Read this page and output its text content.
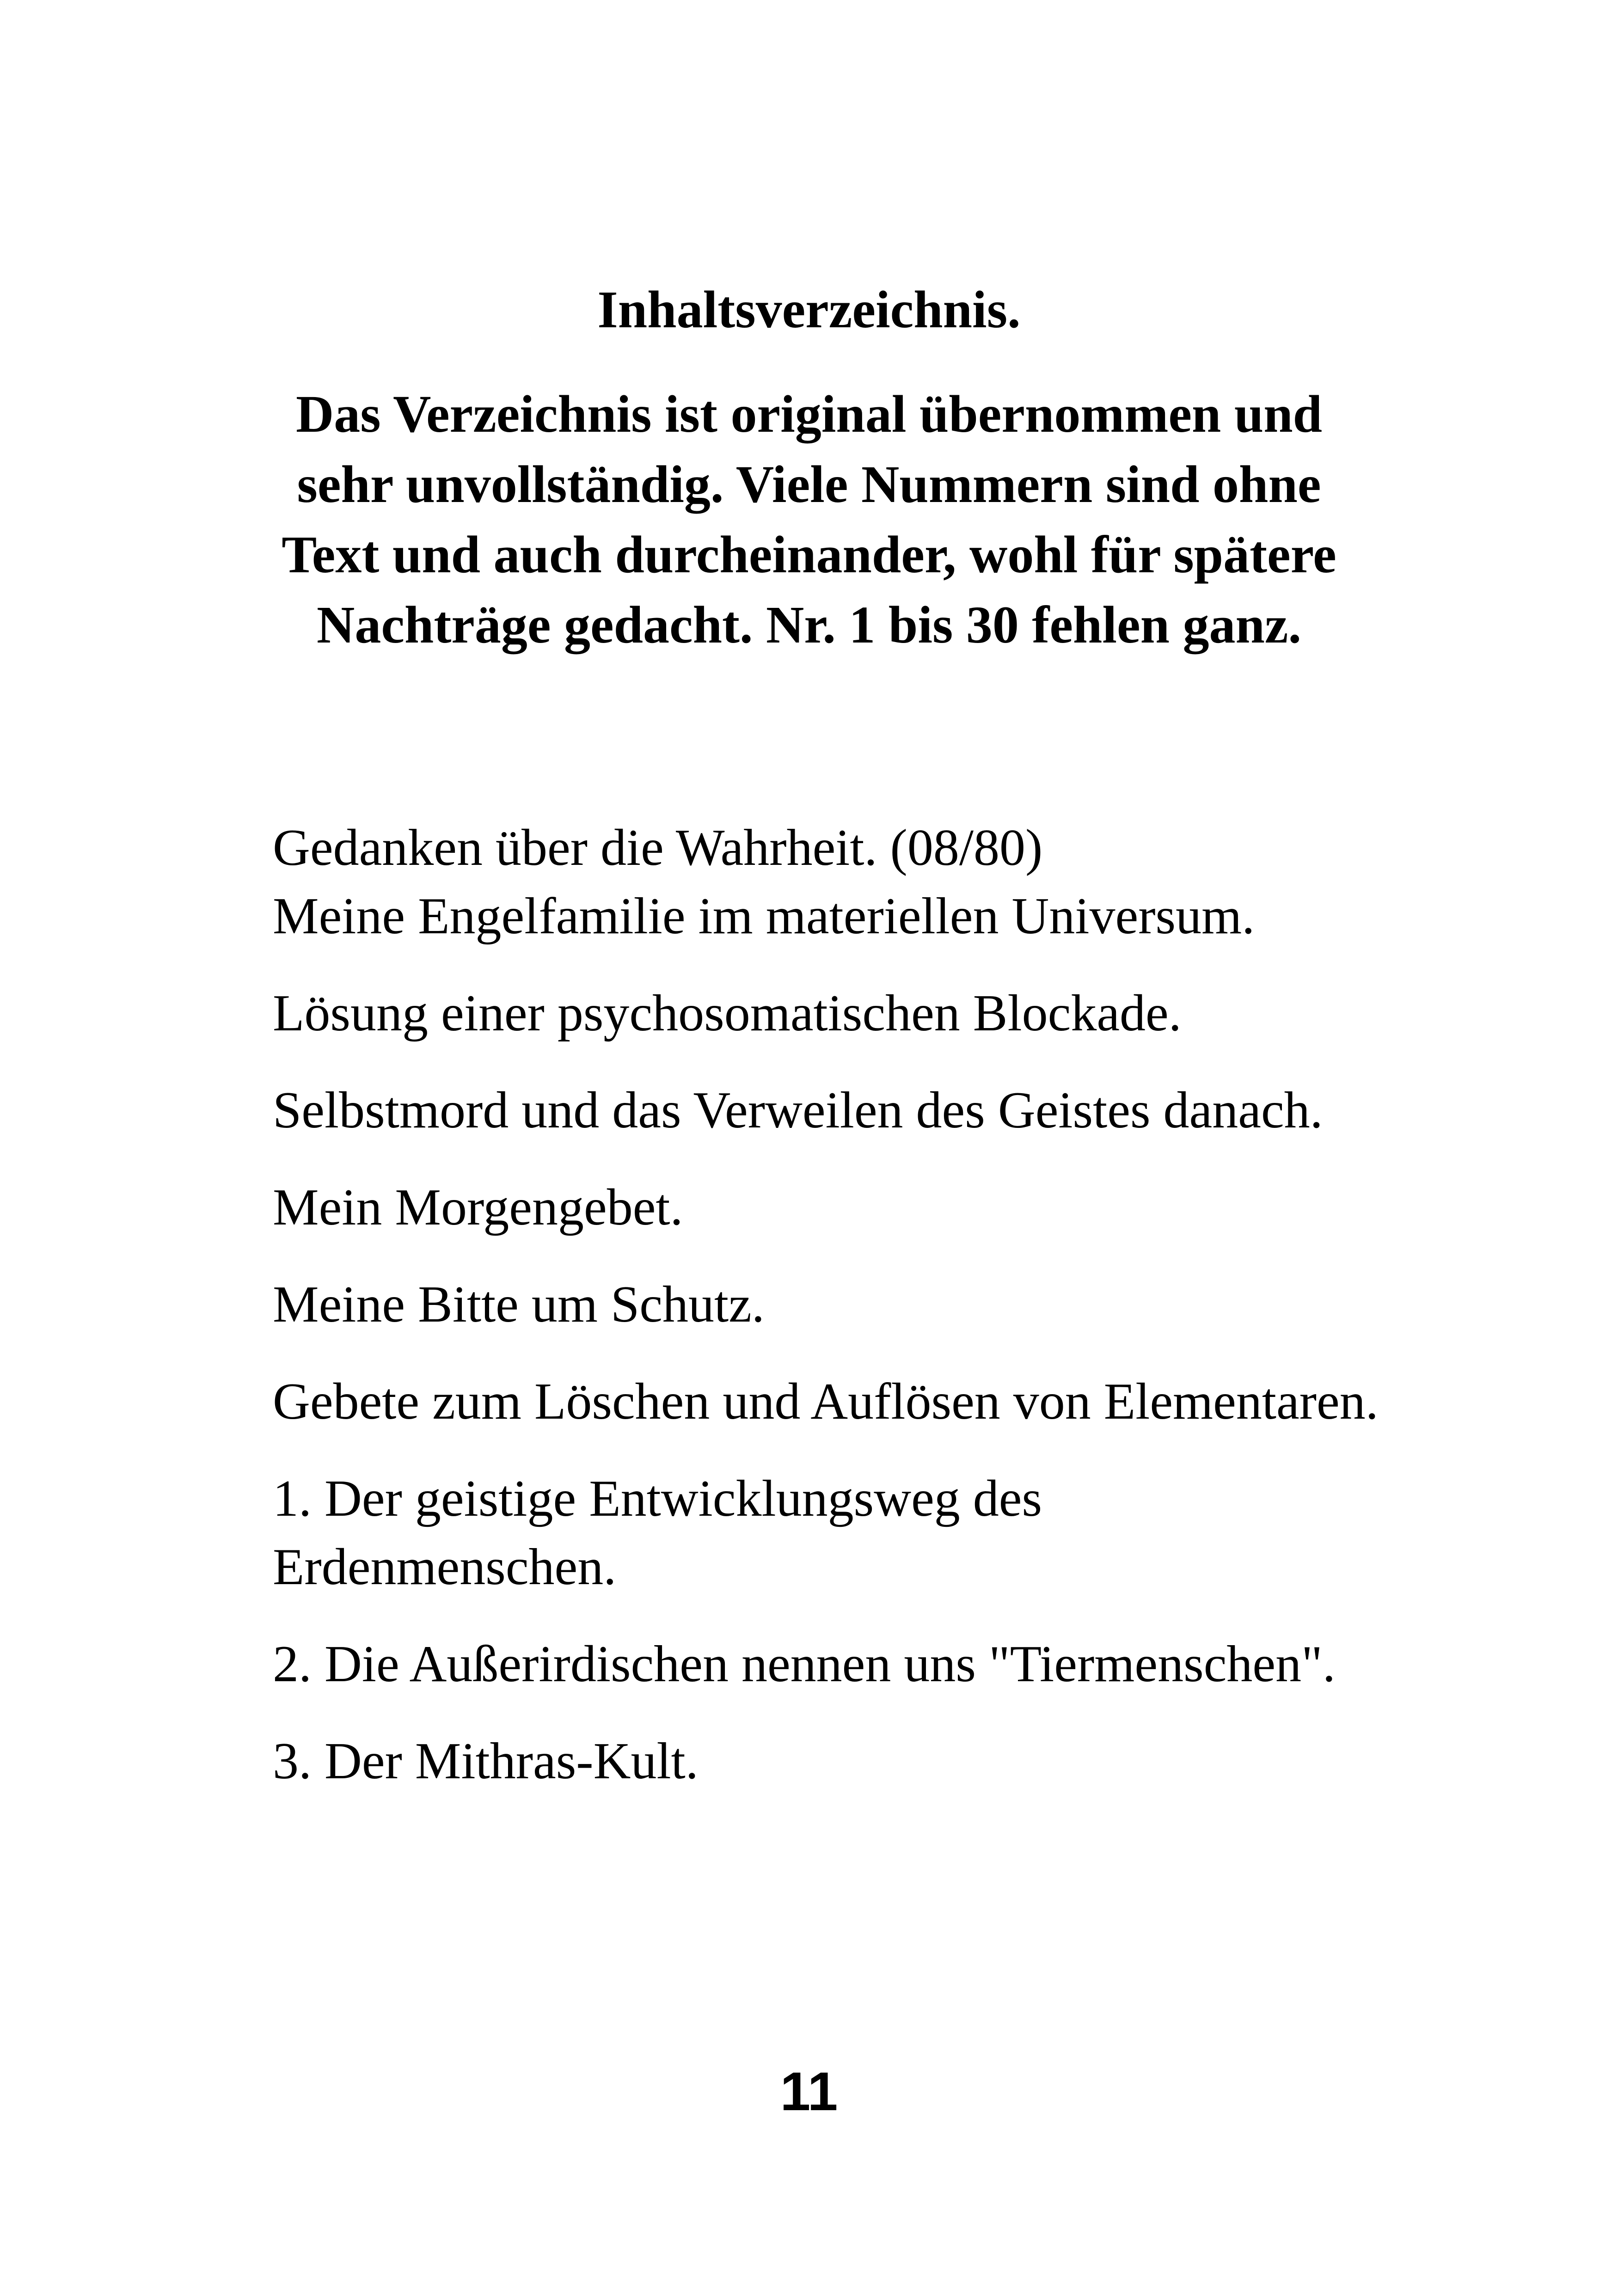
Inhaltsverzeichnis.

Das Verzeichnis ist original übernommen und sehr unvollständig. Viele Nummern sind ohne Text und auch durcheinander, wohl für spätere Nachträge gedacht. Nr. 1 bis 30 fehlen ganz.

Gedanken über die Wahrheit. (08/80)
Meine Engelfamilie im materiellen Universum.
Lösung einer psychosomatischen Blockade.
Selbstmord und das Verweilen des Geistes danach.
Mein Morgengebet.
Meine Bitte um Schutz.
Gebete zum Löschen und Auflösen von Elementaren.
1. Der geistige Entwicklungsweg des Erdenmenschen.
2. Die Außerirdischen nennen uns "Tiermenschen".
3. Der Mithras-Kult.
11
